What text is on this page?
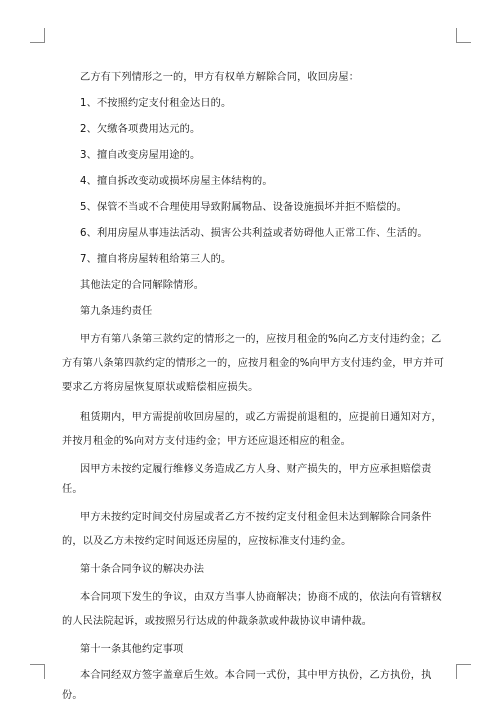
乙方有下列情形之一的，甲方有权单方解除合同，收回房屋：

1、不按照约定支付租金达日的。

2、欠缴各项费用达元的。

3、擅自改变房屋用途的。

4、擅自拆改变动或损坏房屋主体结构的。

5、保管不当或不合理使用导致附属物品、设备设施损坏并拒不赔偿的。

6、利用房屋从事违法活动、损害公共利益或者妨碍他人正常工作、生活的。

7、擅自将房屋转租给第三人的。

其他法定的合同解除情形。

第九条违约责任

甲方有第八条第三款约定的情形之一的，应按月租金的%向乙方支付违约金；乙方有第八条第四款约定的情形之一的，应按月租金的%向甲方支付违约金，甲方并可要求乙方将房屋恢复原状或赔偿相应损失。

租赁期内，甲方需提前收回房屋的，或乙方需提前退租的，应提前日通知对方，并按月租金的%向对方支付违约金；甲方还应退还相应的租金。

因甲方未按约定履行维修义务造成乙方人身、财产损失的，甲方应承担赔偿责任。

甲方未按约定时间交付房屋或者乙方不按约定支付租金但未达到解除合同条件的，以及乙方未按约定时间返还房屋的，应按标准支付违约金。

第十条合同争议的解决办法

本合同项下发生的争议，由双方当事人协商解决；协商不成的，依法向有管辖权的人民法院起诉，或按照另行达成的仲裁条款或仲裁协议申请仲裁。

第十一条其他约定事项

本合同经双方签字盖章后生效。本合同一式份，其中甲方执份，乙方执份，执份。
